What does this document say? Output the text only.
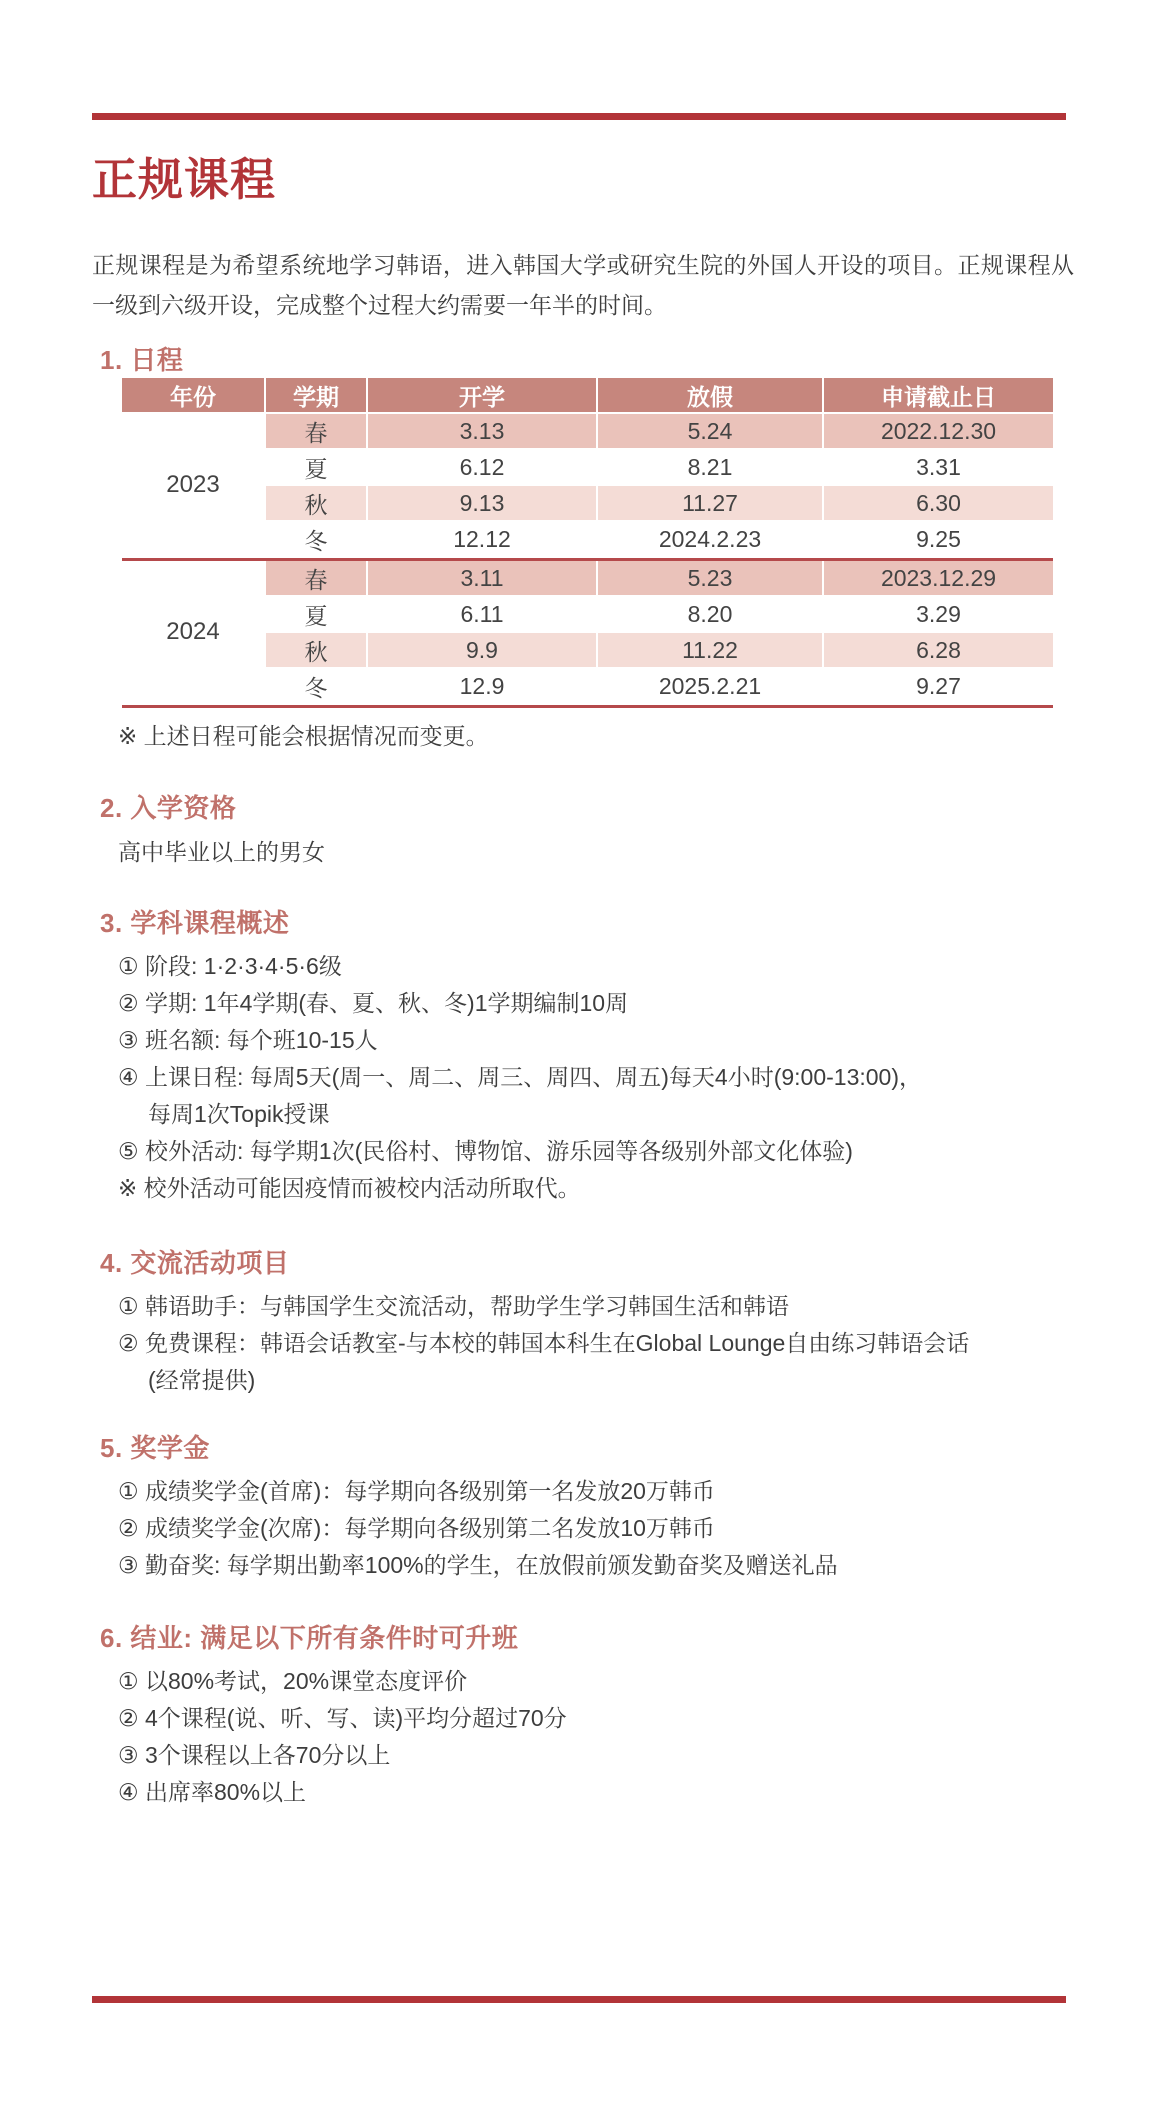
正规课程

正规课程是为希望系统地学习韩语，进入韩国大学或研究生院的外国人开设的项目。正规课程从一级到六级开设，完成整个过程大约需要一年半的时间。

1. 日程
年份	学期	开学	放假	申请截止日
2023
春	3.13	5.24	2022.12.30
夏	6.12	8.21	3.31
秋	9.13	11.27	6.30
冬	12.12	2024.2.23	9.25
2024
春	3.11	5.23	2023.12.29
夏	6.11	8.20	3.29
秋	9.9	11.22	6.28
冬	12.9	2025.2.21	9.27
※ 上述日程可能会根据情况而变更。
2. 入学资格
高中毕业以上的男女
3. 学科课程概述
① 阶段: 1·2·3·4·5·6级
② 学期: 1年4学期(春、夏、秋、冬)1学期编制10周
③ 班名额: 每个班10-15人
④ 上课日程: 每周5天(周一、周二、周三、周四、周五)每天4小时(9:00-13:00)，
每周1次Topik授课
⑤ 校外活动: 每学期1次(民俗村、博物馆、游乐园等各级别外部文化体验)
※ 校外活动可能因疫情而被校内活动所取代。
4. 交流活动项目
① 韩语助手：与韩国学生交流活动，帮助学生学习韩国生活和韩语
② 免费课程：韩语会话教室-与本校的韩国本科生在Global Lounge自由练习韩语会话
(经常提供)
5. 奖学金
① 成绩奖学金(首席)：每学期向各级别第一名发放20万韩币
② 成绩奖学金(次席)：每学期向各级别第二名发放10万韩币
③ 勤奋奖: 每学期出勤率100%的学生，在放假前颁发勤奋奖及赠送礼品
6. 结业: 满足以下所有条件时可升班
① 以80%考试，20%课堂态度评价
② 4个课程(说、听、写、读)平均分超过70分
③ 3个课程以上各70分以上
④ 出席率80%以上
